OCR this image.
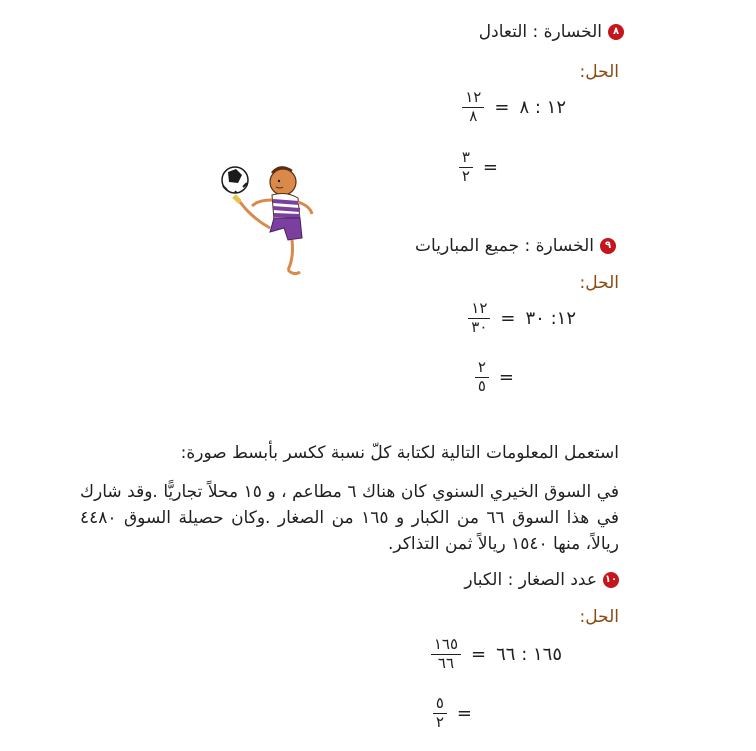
٨
الخسارة : التعادل
الحل:
١٢ : ٨
=
$\frac{١٢}{٨}$
=
$\frac{٣}{٢}$
٩
الخسارة : جميع المباريات
الحل:
١٢: ٣٠
=
$\frac{١٢}{٣٠}$
=
$\frac{٢}{٥}$
استعمل المعلومات التالية لكتابة كلّ نسبة ككسر بأبسط صورة:
في السوق الخيري السنوي كان هناك ٦ مطاعم ، و ١٥ محلاً تجاريًّا .وقد شارك في هذا السوق ٦٦ من الكبار و ١٦٥ من الصغار .وكان حصيلة السوق ٤٤٨٠ ريالاً، منها ١٥٤٠ ريالاً ثمن التذاكر.
١٠
عدد الصغار : الكبار
الحل:
١٦٥ : ٦٦
=
$\frac{١٦٥}{٦٦}$
=
$\frac{٥}{٢}$
